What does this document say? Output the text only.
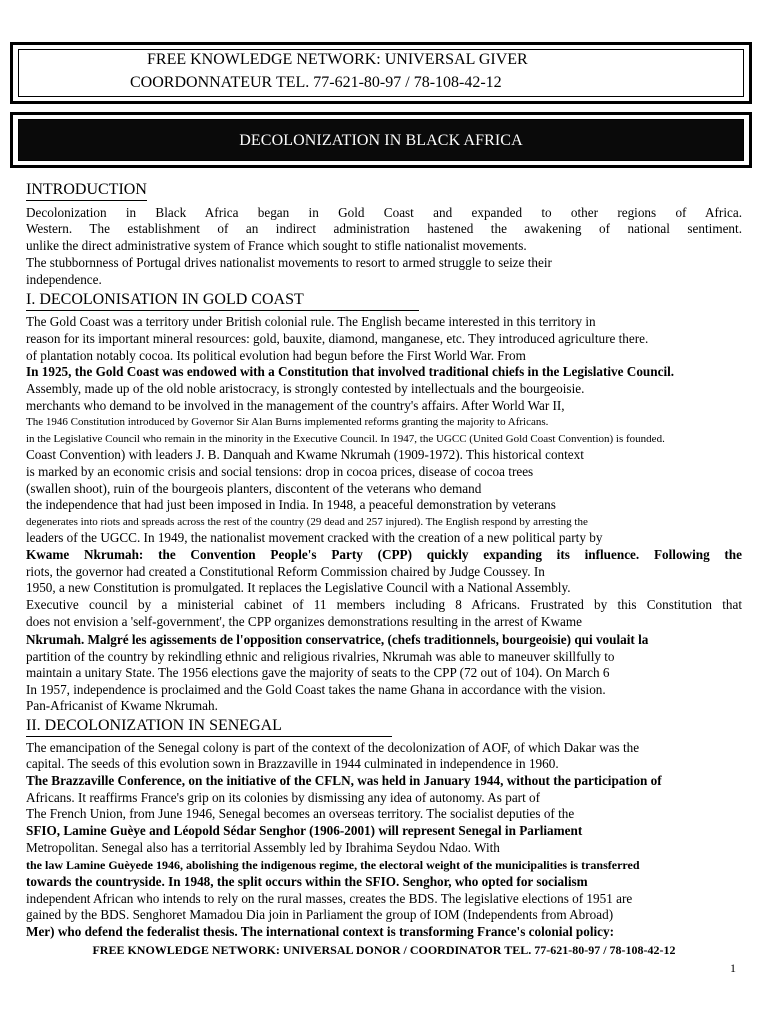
FREE KNOWLEDGE NETWORK: UNIVERSAL GIVER
COORDONNATEUR TEL. 77-621-80-97 / 78-108-42-12
DECOLONIZATION IN BLACK AFRICA
INTRODUCTION
Decolonization in Black Africa began in Gold Coast and expanded to other regions of Africa.
Western. The establishment of an indirect administration hastened the awakening of national sentiment.
unlike the direct administrative system of France which sought to stifle nationalist movements.
The stubbornness of Portugal drives nationalist movements to resort to armed struggle to seize their
independence.
I. DECOLONISATION IN GOLD COAST
The Gold Coast was a territory under British colonial rule. The English became interested in this territory in
reason for its important mineral resources: gold, bauxite, diamond, manganese, etc. They introduced agriculture there.
of plantation notably cocoa. Its political evolution had begun before the First World War. From
In 1925, the Gold Coast was endowed with a Constitution that involved traditional chiefs in the Legislative Council.
Assembly, made up of the old noble aristocracy, is strongly contested by intellectuals and the bourgeoisie.
merchants who demand to be involved in the management of the country's affairs. After World War II,
The 1946 Constitution introduced by Governor Sir Alan Burns implemented reforms granting the majority to Africans.
in the Legislative Council who remain in the minority in the Executive Council. In 1947, the UGCC (United Gold Coast Convention) is founded.
Coast Convention) with leaders J. B. Danquah and Kwame Nkrumah (1909-1972). This historical context
is marked by an economic crisis and social tensions: drop in cocoa prices, disease of cocoa trees
(swallen shoot), ruin of the bourgeois planters, discontent of the veterans who demand
the independence that had just been imposed in India. In 1948, a peaceful demonstration by veterans
degenerates into riots and spreads across the rest of the country (29 dead and 257 injured). The English respond by arresting the
leaders of the UGCC. In 1949, the nationalist movement cracked with the creation of a new political party by
Kwame Nkrumah: the Convention People's Party (CPP) quickly expanding its influence. Following the
riots, the governor had created a Constitutional Reform Commission chaired by Judge Coussey. In
1950, a new Constitution is promulgated. It replaces the Legislative Council with a National Assembly.
Executive council by a ministerial cabinet of 11 members including 8 Africans. Frustrated by this Constitution that
does not envision a 'self-government', the CPP organizes demonstrations resulting in the arrest of Kwame
Nkrumah. Malgré les agissements de l'opposition conservatrice, (chefs traditionnels, bourgeoisie) qui voulait la
partition of the country by rekindling ethnic and religious rivalries, Nkrumah was able to maneuver skillfully to
maintain a unitary State. The 1956 elections gave the majority of seats to the CPP (72 out of 104). On March 6
In 1957, independence is proclaimed and the Gold Coast takes the name Ghana in accordance with the vision.
Pan-Africanist of Kwame Nkrumah.
II. DECOLONIZATION IN SENEGAL
The emancipation of the Senegal colony is part of the context of the decolonization of AOF, of which Dakar was the
capital. The seeds of this evolution sown in Brazzaville in 1944 culminated in independence in 1960.
The Brazzaville Conference, on the initiative of the CFLN, was held in January 1944, without the participation of
Africans. It reaffirms France's grip on its colonies by dismissing any idea of autonomy. As part of
The French Union, from June 1946, Senegal becomes an overseas territory. The socialist deputies of the
SFIO, Lamine Guèye and Léopold Sédar Senghor (1906-2001) will represent Senegal in Parliament
Metropolitan. Senegal also has a territorial Assembly led by Ibrahima Seydou Ndao. With
the law Lamine Guèyede 1946, abolishing the indigenous regime, the electoral weight of the municipalities is transferred
towards the countryside. In 1948, the split occurs within the SFIO. Senghor, who opted for socialism
independent African who intends to rely on the rural masses, creates the BDS. The legislative elections of 1951 are
gained by the BDS. Senghoret Mamadou Dia join in Parliament the group of IOM (Independents from Abroad)
Mer) who defend the federalist thesis. The international context is transforming France's colonial policy:
FREE KNOWLEDGE NETWORK: UNIVERSAL DONOR / COORDINATOR TEL. 77-621-80-97 / 78-108-42-12
1
